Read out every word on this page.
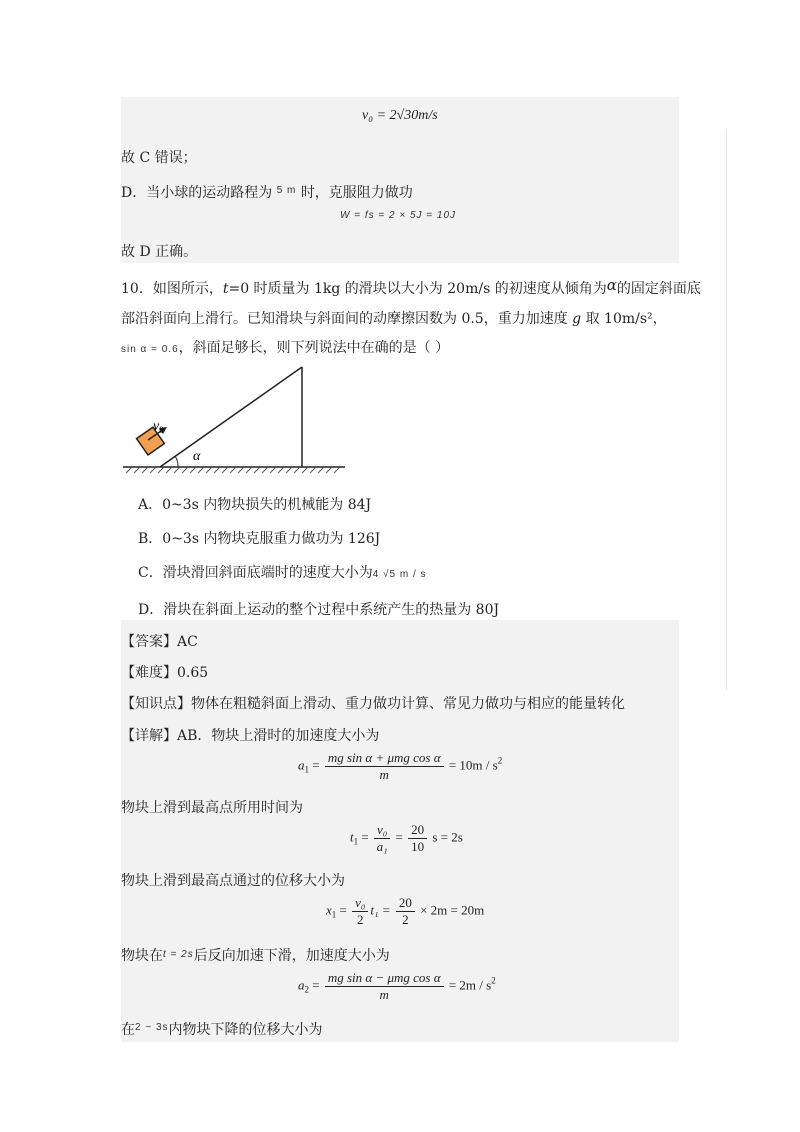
v₀ = 2√30m/s
故 C 错误；
D．当小球的运动路程为 $^{5 m}$ 时，克服阻力做功
W = fs = 2 × 5J = 10J
故 D 正确。
10．如图所示，t=0 时质量为 1kg 的滑块以大小为 20m/s 的初速度从倾角为α的固定斜面底
部沿斜面向上滑行。已知滑块与斜面间的动摩擦因数为 0.5，重力加速度 g 取 10m/s²，
sin α = 0.6，斜面足够长，则下列说法中在确的是（ ）
α
$v_0$
A．0~3s 内物块损失的机械能为 84J
B．0~3s 内物块克服重力做功为 126J
C．滑块滑回斜面底端时的速度大小为4 √5 m / s
D．滑块在斜面上运动的整个过程中系统产生的热量为 80J
【答案】AC
【难度】0.65
【知识点】物体在粗糙斜面上滑动、重力做功计算、常见力做功与相应的能量转化
【详解】AB．物块上滑时的加速度大小为
$a_1 = \frac{\text{mg sin α + μmg cos α}}{m} = 10m / s^2$
物块上滑到最高点所用时间为
$t_1 = \frac{\text{v₀}}{\text{a₁}} = \frac{20}{10}$ s = 2s
物块上滑到最高点通过的位移大小为
$x_1 = \frac{\text{v₀}}{2} t_1 = \frac{20}{2} \times 2m = 20m$
物块在$^{t = 2s}$后反向加速下滑，加速度大小为
$a_2 = \frac{\text{mg sin α − μmg cos α}}{m} = 2m / s^2$
在$^{2 \sim 3s}$内物块下降的位移大小为
